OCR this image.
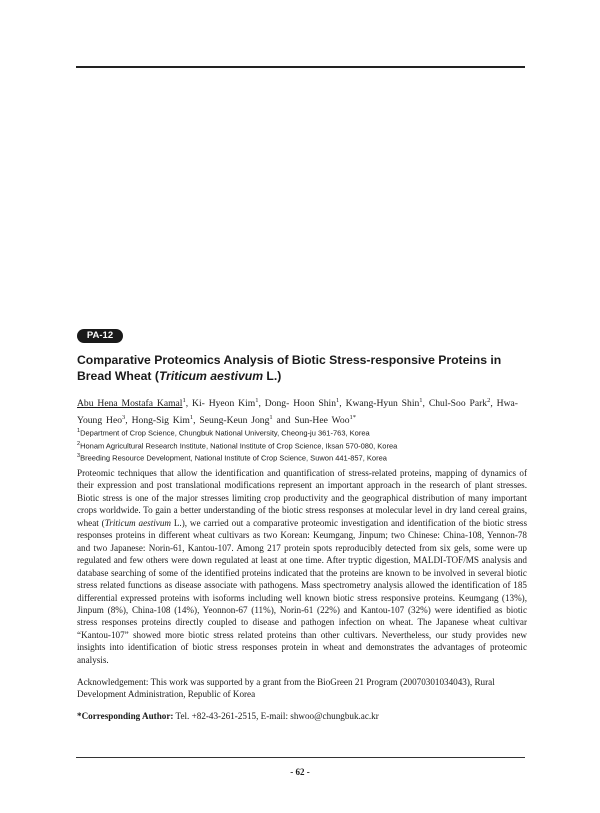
PA-12
Comparative Proteomics Analysis of Biotic Stress-responsive Proteins in Bread Wheat (Triticum aestivum L.)
Abu Hena Mostafa Kamal$^1$, Ki- Hyeon Kim$^1$, Dong- Hoon Shin$^1$, Kwang-Hyun Shin$^1$, Chul-Soo Park$^2$, Hwa-Young Heo$^3$, Hong-Sig Kim$^1$, Seung-Keun Jong$^1$ and Sun-Hee Woo$^{1*}$
$^1$Department of Crop Science, Chungbuk National University, Cheong-ju 361-763, Korea
$^2$Honam Agricultural Research Institute, National Institute of Crop Science, Iksan 570-080, Korea
$^3$Breeding Resource Development, National Institute of Crop Science, Suwon 441-857, Korea

Proteomic techniques that allow the identification and quantification of stress-related proteins, mapping of dynamics of their expression and post translational modifications represent an important approach in the research of plant stresses. Biotic stress is one of the major stresses limiting crop productivity and the geographical distribution of many important crops worldwide. To gain a better understanding of the biotic stress responses at molecular level in dry land cereal grains, wheat (Triticum aestivum L.), we carried out a comparative proteomic investigation and identification of the biotic stress responses proteins in different wheat cultivars as two Korean: Keumgang, Jinpum; two Chinese: China-108, Yennon-78 and two Japanese: Norin-61, Kantou-107. Among 217 protein spots reproducibly detected from six gels, some were up regulated and few others were down regulated at least at one time. After tryptic digestion, MALDI-TOF/MS analysis and database searching of some of the identified proteins indicated that the proteins are known to be involved in several biotic stress related functions as disease associate with pathogens. Mass spectrometry analysis allowed the identification of 185 differential expressed proteins with isoforms including well known biotic stress responsive proteins. Keumgang (13%), Jinpum (8%), China-108 (14%), Yeonnon-67 (11%), Norin-61 (22%) and Kantou-107 (32%) were identified as biotic stress responses proteins directly coupled to disease and pathogen infection on wheat. The Japanese wheat cultivar “Kantou-107” showed more biotic stress related proteins than other cultivars. Nevertheless, our study provides new insights into identification of biotic stress responses protein in wheat and demonstrates the advantages of proteomic analysis.

Acknowledgement: This work was supported by a grant from the BioGreen 21 Program (20070301034043), Rural Development Administration, Republic of Korea

*Corresponding Author: Tel. +82-43-261-2515, E-mail: shwoo@chungbuk.ac.kr

- 62 -
